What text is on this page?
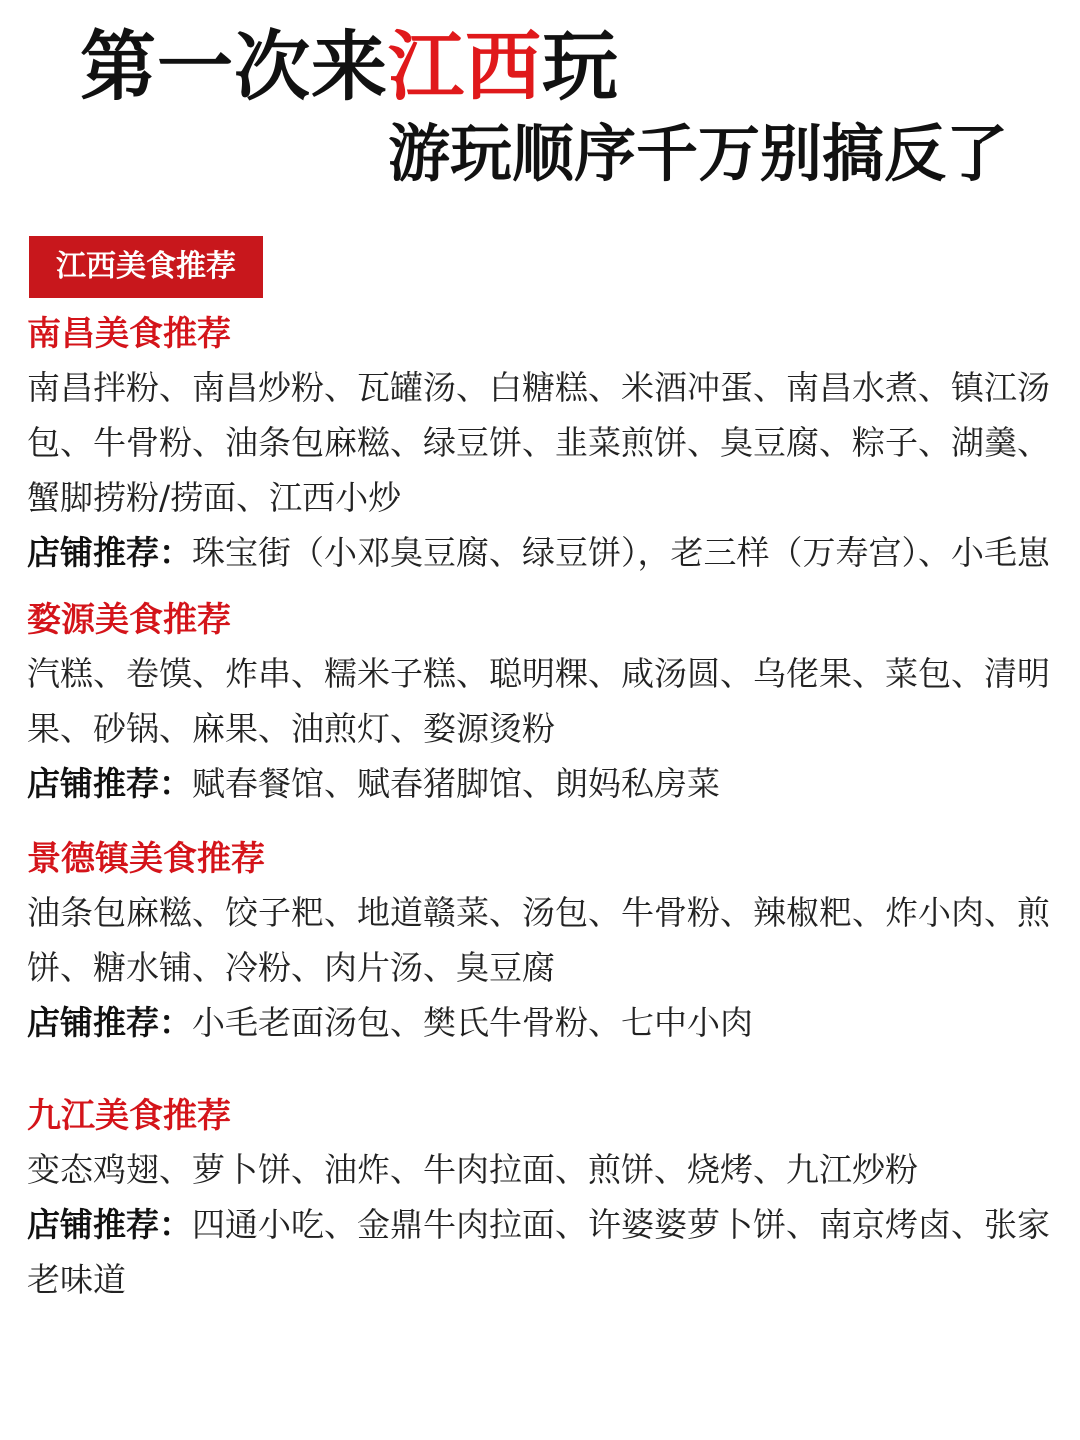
第一次来江西玩
游玩顺序千万别搞反了
江西美食推荐
南昌美食推荐

南昌拌粉、南昌炒粉、瓦罐汤、白糖糕、米酒冲蛋、南昌水煮、镇江汤包、牛骨粉、油条包麻糍、绿豆饼、韭菜煎饼、臭豆腐、粽子、湖羹、蟹脚捞粉/捞面、江西小炒

店铺推荐：珠宝街（小邓臭豆腐、绿豆饼），老三样（万寿宫）、小毛崽

婺源美食推荐

汽糕、卷馍、炸串、糯米子糕、聪明粿、咸汤圆、乌佬果、菜包、清明果、砂锅、麻果、油煎灯、婺源烫粉

店铺推荐：赋春餐馆、赋春猪脚馆、朗妈私房菜

景德镇美食推荐

油条包麻糍、饺子粑、地道赣菜、汤包、牛骨粉、辣椒粑、炸小肉、煎饼、糖水铺、冷粉、肉片汤、臭豆腐

店铺推荐：小毛老面汤包、樊氏牛骨粉、七中小肉

九江美食推荐

变态鸡翅、萝卜饼、油炸、牛肉拉面、煎饼、烧烤、九江炒粉

店铺推荐：四通小吃、金鼎牛肉拉面、许婆婆萝卜饼、南京烤卤、张家老味道
